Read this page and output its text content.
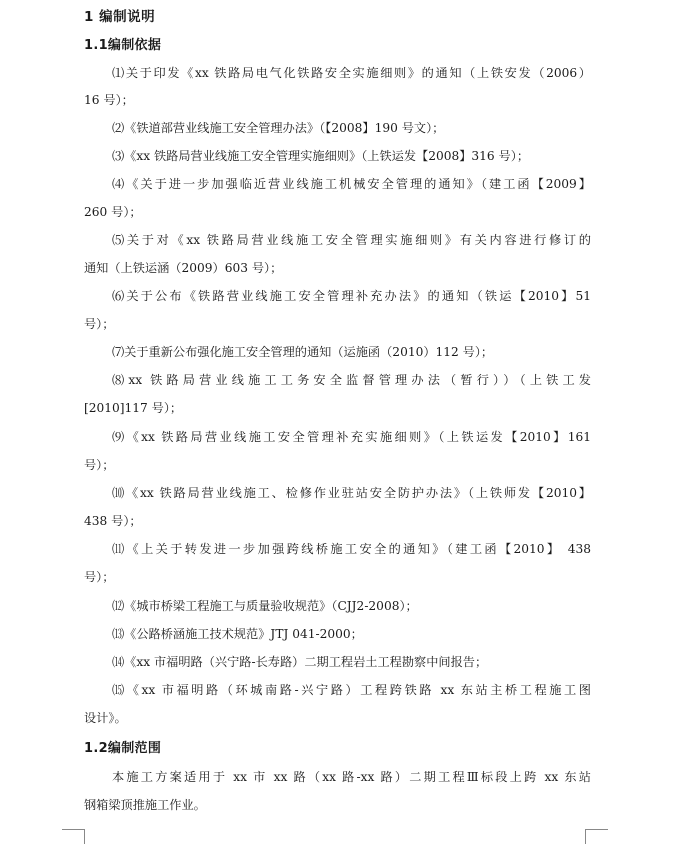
1 编制说明
1.1编制依据
⑴关于印发《xx 铁路局电气化铁路安全实施细则》的通知（上铁安发（2006）
16 号）；
⑵《铁道部营业线施工安全管理办法》（【2008】190 号文）；
⑶《xx 铁路局营业线施工安全管理实施细则》（上铁运发【2008】316 号）；
⑷《关于进一步加强临近营业线施工机械安全管理的通知》（建工函【2009】
260 号）；
⑸关于对《xx 铁路局营业线施工安全管理实施细则》有关内容进行修订的
通知（上铁运涵（2009）603 号）；
⑹关于公布《铁路营业线施工安全管理补充办法》的通知（铁运【2010】51
号）；
⑺关于重新公布强化施工安全管理的通知（运施函（2010）112 号）；
⑻xx 铁路局营业线施工工务安全监督管理办法（暂行））（上铁工发
[2010]117 号）；
⑼《xx 铁路局营业线施工安全管理补充实施细则》（上铁运发【2010】161
号）；
⑽《xx 铁路局营业线施工、检修作业驻站安全防护办法》（上铁师发【2010】
438 号）；
⑾《上关于转发进一步加强跨线桥施工安全的通知》（建工函【2010】 438
号）；
⑿《城市桥梁工程施工与质量验收规范》（CJJ2-2008）；
⒀《公路桥涵施工技术规范》JTJ 041-2000；
⒁《xx 市福明路（兴宁路-长寿路）二期工程岩土工程勘察中间报告；
⒂《xx 市福明路（环城南路-兴宁路）工程跨铁路 xx 东站主桥工程施工图
设计》。
1.2编制范围
本施工方案适用于 xx 市 xx 路（xx 路-xx 路）二期工程Ⅲ标段上跨 xx 东站
钢箱梁顶推施工作业。
